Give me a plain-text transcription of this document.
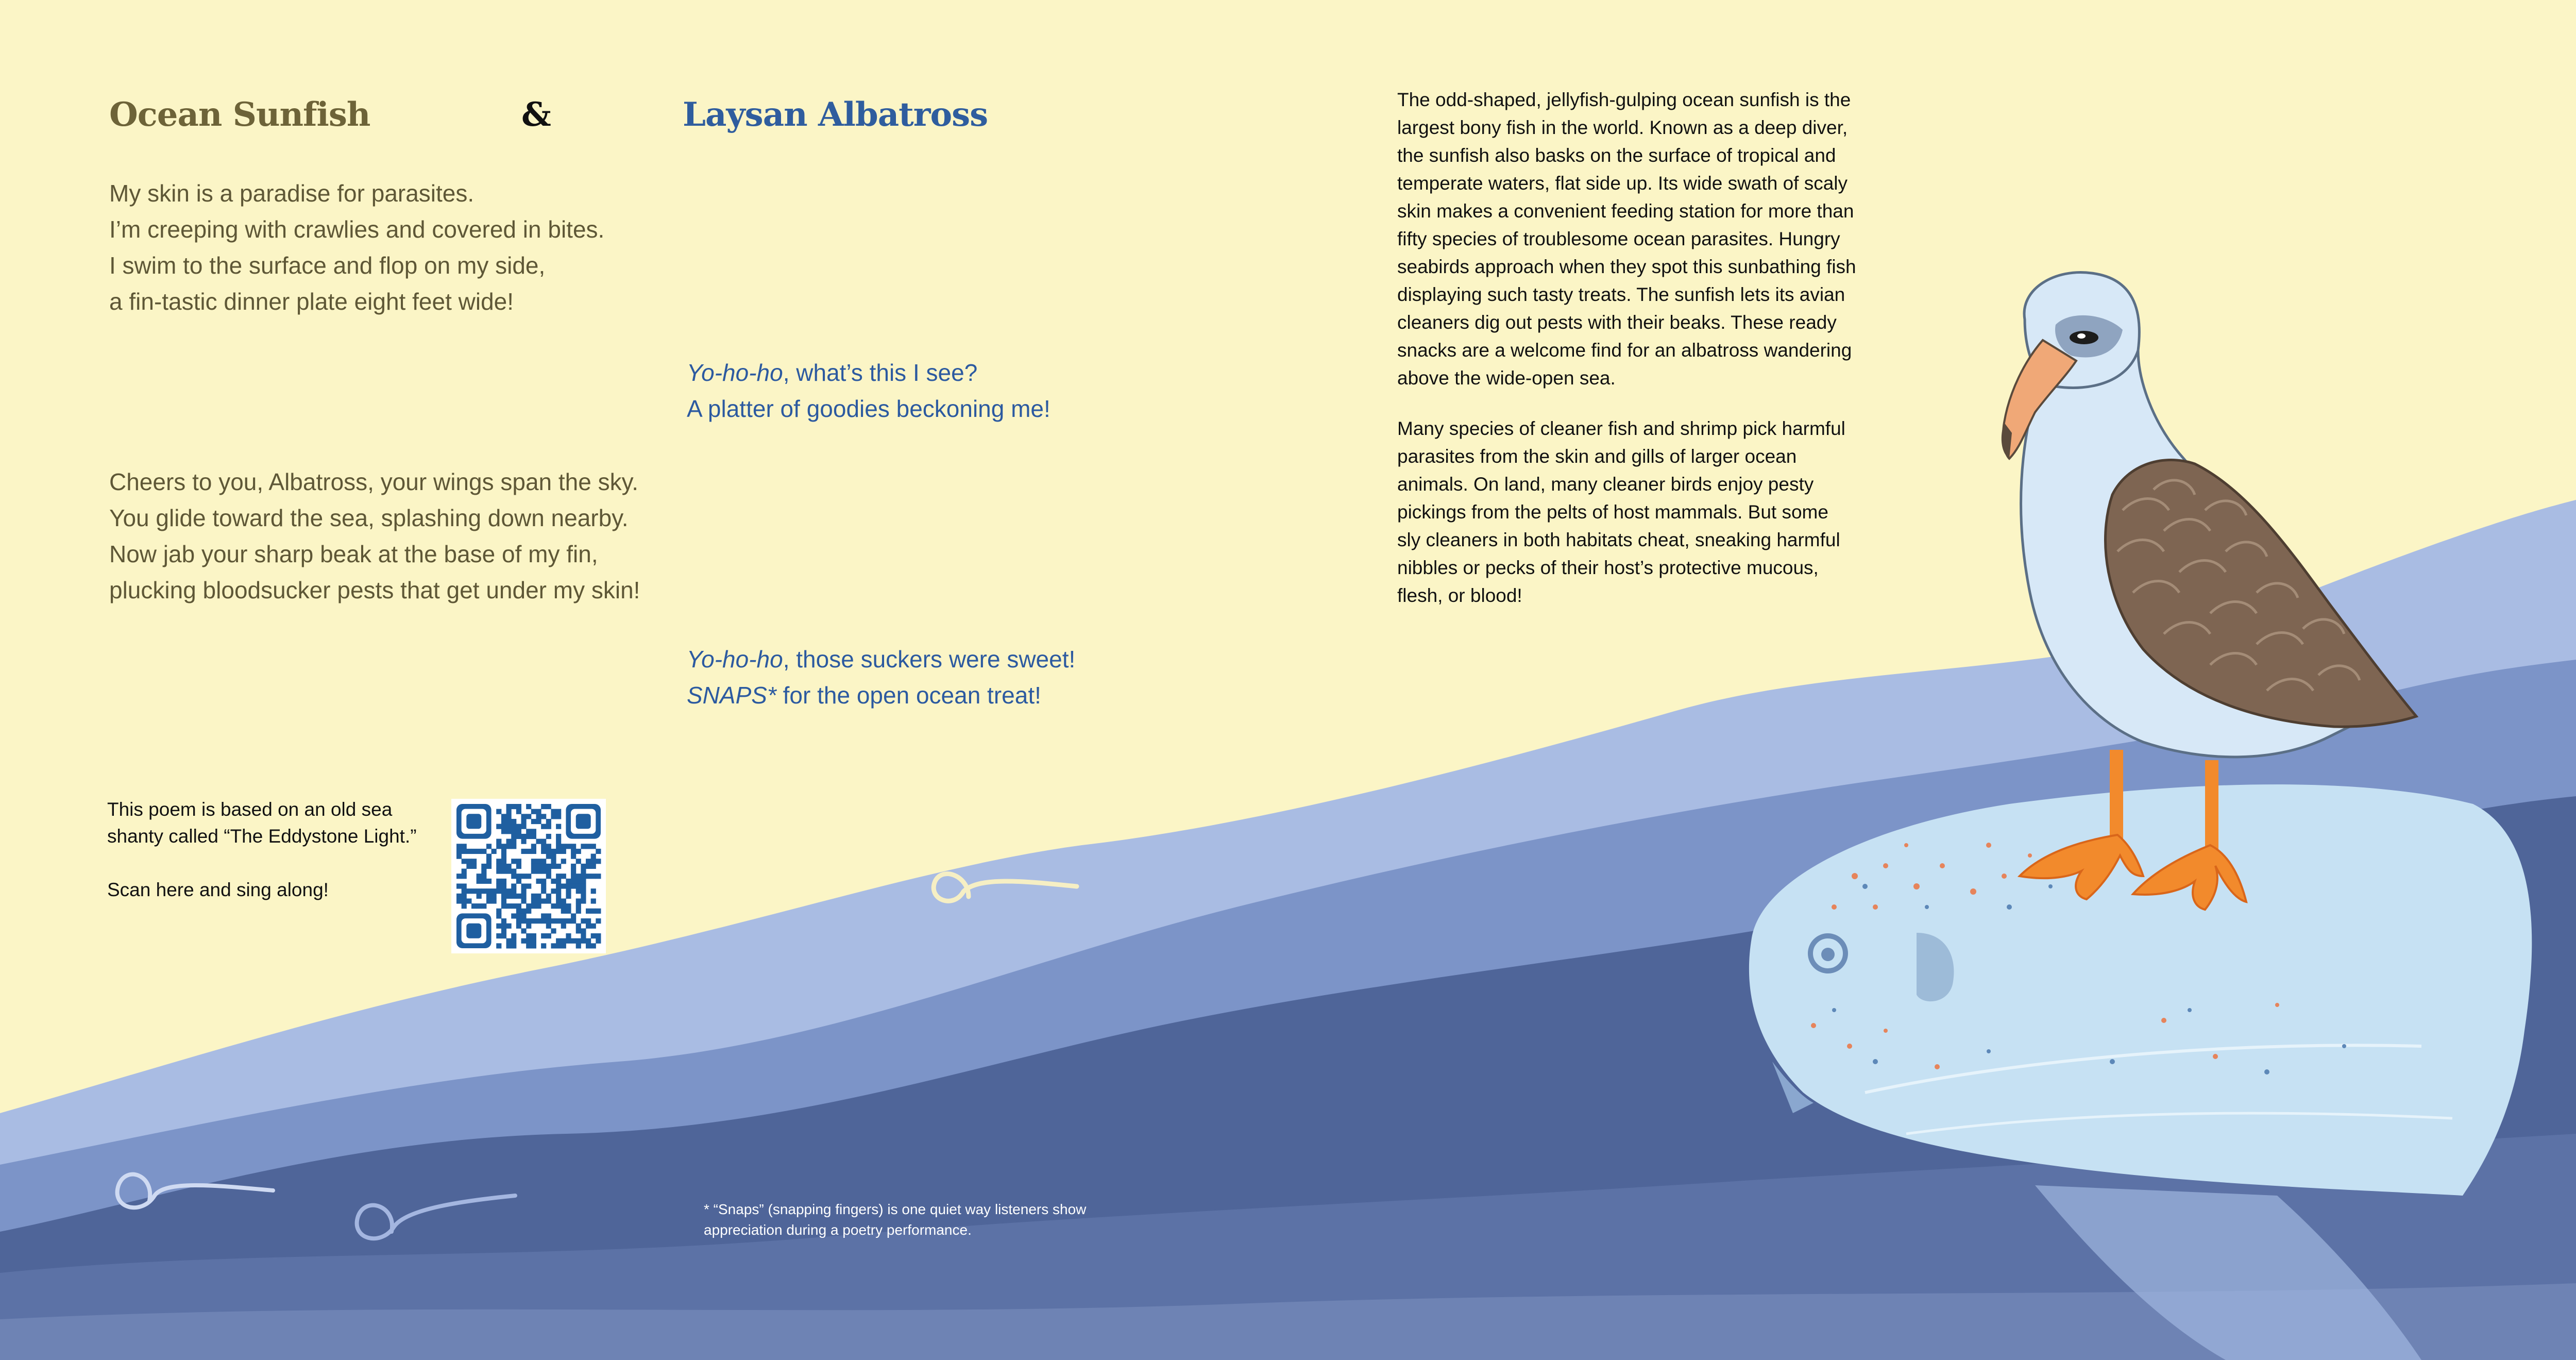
Ocean Sunfish	&	Laysan Albatross

My skin is a paradise for parasites.
I’m creeping with crawlies and covered in bites.
I swim to the surface and flop on my side,
a fin-tastic dinner plate eight feet wide!

Yo-ho-ho, what’s this I see?
A platter of goodies beckoning me!

Cheers to you, Albatross, your wings span the sky.
You glide toward the sea, splashing down nearby.
Now jab your sharp beak at the base of my fin,
plucking bloodsucker pests that get under my skin!

Yo-ho-ho, those suckers were sweet!
SNAPS* for the open ocean treat!

This poem is based on an old sea
shanty called “The Eddystone Light.”
Scan here and sing along!

The odd-shaped, jellyfish-gulping ocean sunfish is the
largest bony fish in the world. Known as a deep diver,
the sunfish also basks on the surface of tropical and
temperate waters, flat side up. Its wide swath of scaly
skin makes a convenient feeding station for more than
fifty species of troublesome ocean parasites. Hungry
seabirds approach when they spot this sunbathing fish
displaying such tasty treats. The sunfish lets its avian
cleaners dig out pests with their beaks. These ready
snacks are a welcome find for an albatross wandering
above the wide-open sea.

Many species of cleaner fish and shrimp pick harmful
parasites from the skin and gills of larger ocean
animals. On land, many cleaner birds enjoy pesty
pickings from the pelts of host mammals. But some
sly cleaners in both habitats cheat, sneaking harmful
nibbles or pecks of their host’s protective mucous,
flesh, or blood!

* “Snaps” (snapping fingers) is one quiet way listeners show
appreciation during a poetry performance.
